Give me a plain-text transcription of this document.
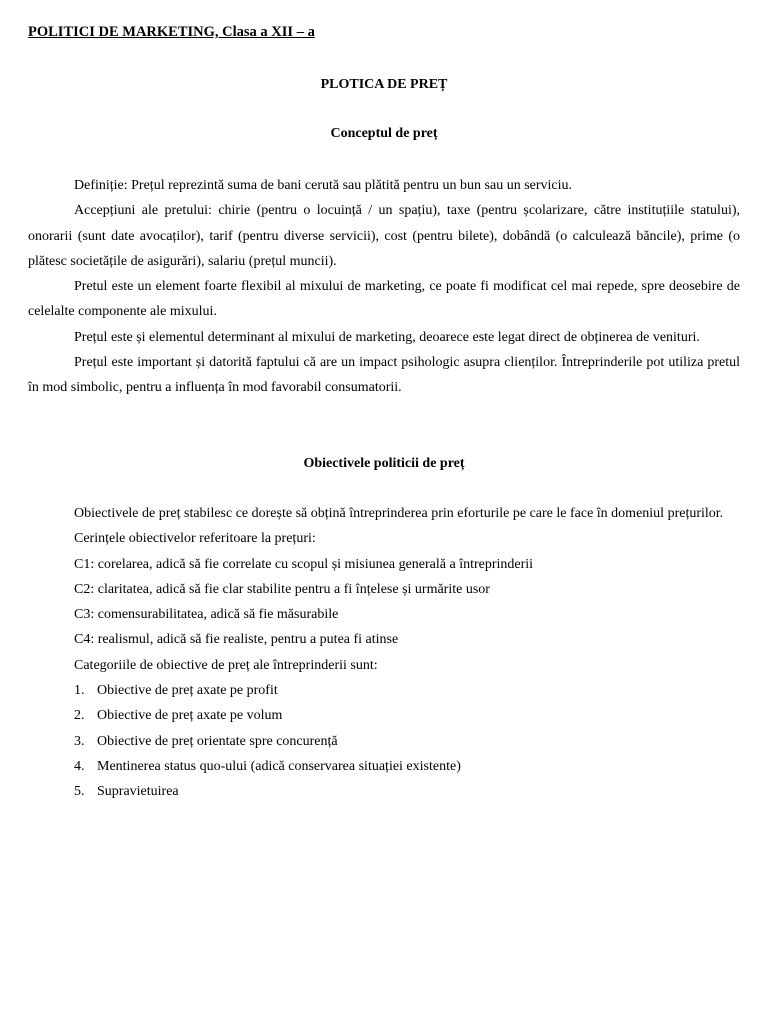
POLITICI DE MARKETING, Clasa a XII – a
PLOTICA DE PREȚ
Conceptul de preț

Definiție: Prețul reprezintă suma de bani cerută sau plătită pentru un bun sau un serviciu.

Accepțiuni ale pretului: chirie (pentru o locuință / un spațiu), taxe (pentru școlarizare, către instituțiile statului), onorarii (sunt date avocaților), tarif (pentru diverse servicii), cost (pentru bilete), dobândă (o calculează băncile), prime (o plătesc societățile de asigurări), salariu (prețul muncii).

Pretul este un element foarte flexibil al mixului de marketing, ce poate fi modificat cel mai repede, spre deosebire de celelalte componente ale mixului.

Prețul este și elementul determinant al mixului de marketing, deoarece este legat direct de obținerea de venituri.

Prețul este important și datorită faptului că are un impact psihologic asupra clienților. Întreprinderile pot utiliza pretul în mod simbolic, pentru a influența în mod favorabil consumatorii.

Obiectivele politicii de preț

Obiectivele de preț stabilesc ce dorește să obțină întreprinderea prin eforturile pe care le face în domeniul prețurilor.

Cerințele obiectivelor referitoare la prețuri:

C1: corelarea, adică să fie correlate cu scopul și misiunea generală a întreprinderii

C2: claritatea, adică să fie clar stabilite pentru a fi înțelese și urmărite usor

C3: comensurabilitatea, adică să fie măsurabile

C4: realismul, adică să fie realiste, pentru a putea fi atinse

Categoriile de obiective de preț ale întreprinderii sunt:

1. Obiective de preț axate pe profit
2. Obiective de preț axate pe volum
3. Obiective de preț orientate spre concurență
4. Mentinerea status quo-ului (adică conservarea situației existente)
5. Supravietuirea
